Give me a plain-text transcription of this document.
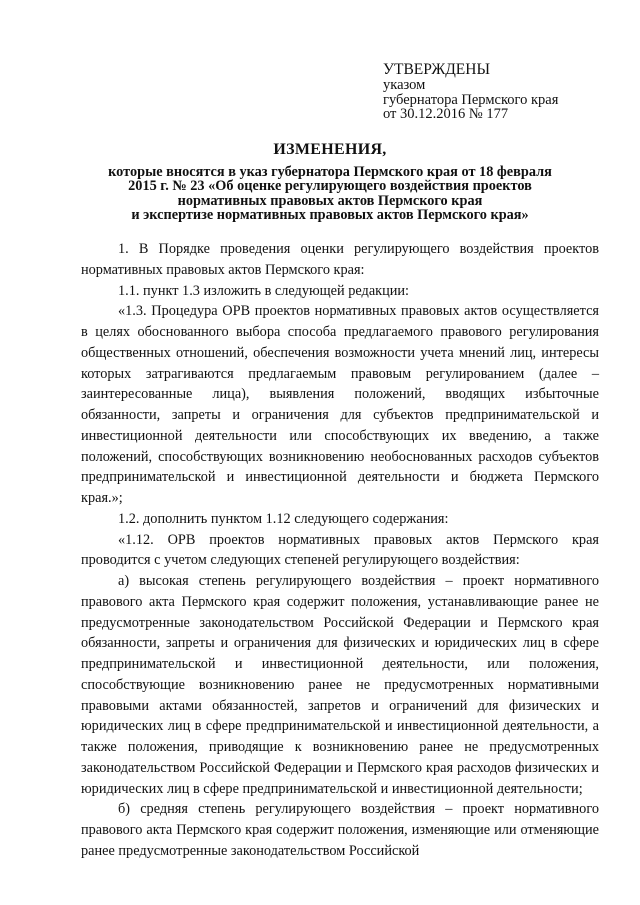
УТВЕРЖДЕНЫ
указом
губернатора Пермского края
от 30.12.2016 № 177
ИЗМЕНЕНИЯ,
которые вносятся в указ губернатора Пермского края от 18 февраля
2015 г. № 23 «Об оценке регулирующего воздействия проектов
нормативных правовых актов Пермского края
и экспертизе нормативных правовых актов Пермского края»

1. В Порядке проведения оценки регулирующего воздействия проектов нормативных правовых актов Пермского края:

1.1. пункт 1.3 изложить в следующей редакции:

«1.3. Процедура ОРВ проектов нормативных правовых актов осуществляется в целях обоснованного выбора способа предлагаемого правового регулирования общественных отношений, обеспечения возможности учета мнений лиц, интересы которых затрагиваются предлагаемым правовым регулированием (далее – заинтересованные лица), выявления положений, вводящих избыточные обязанности, запреты и ограничения для субъектов предпринимательской и инвестиционной деятельности или способствующих их введению, а также положений, способствующих возникновению необоснованных расходов субъектов предпринимательской и инвестиционной деятельности и бюджета Пермского края.»;

1.2. дополнить пунктом 1.12 следующего содержания:

«1.12. ОРВ проектов нормативных правовых актов Пермского края проводится с учетом следующих степеней регулирующего воздействия:

а) высокая степень регулирующего воздействия – проект нормативного правового акта Пермского края содержит положения, устанавливающие ранее не предусмотренные законодательством Российской Федерации и Пермского края обязанности, запреты и ограничения для физических и юридических лиц в сфере предпринимательской и инвестиционной деятельности, или положения, способствующие возникновению ранее не предусмотренных нормативными правовыми актами обязанностей, запретов и ограничений для физических и юридических лиц в сфере предпринимательской и инвестиционной деятельности, а также положения, приводящие к возникновению ранее не предусмотренных законодательством Российской Федерации и Пермского края расходов физических и юридических лиц в сфере предпринимательской и инвестиционной деятельности;

б) средняя степень регулирующего воздействия – проект нормативного правового акта Пермского края содержит положения, изменяющие или отменяющие ранее предусмотренные законодательством Российской
